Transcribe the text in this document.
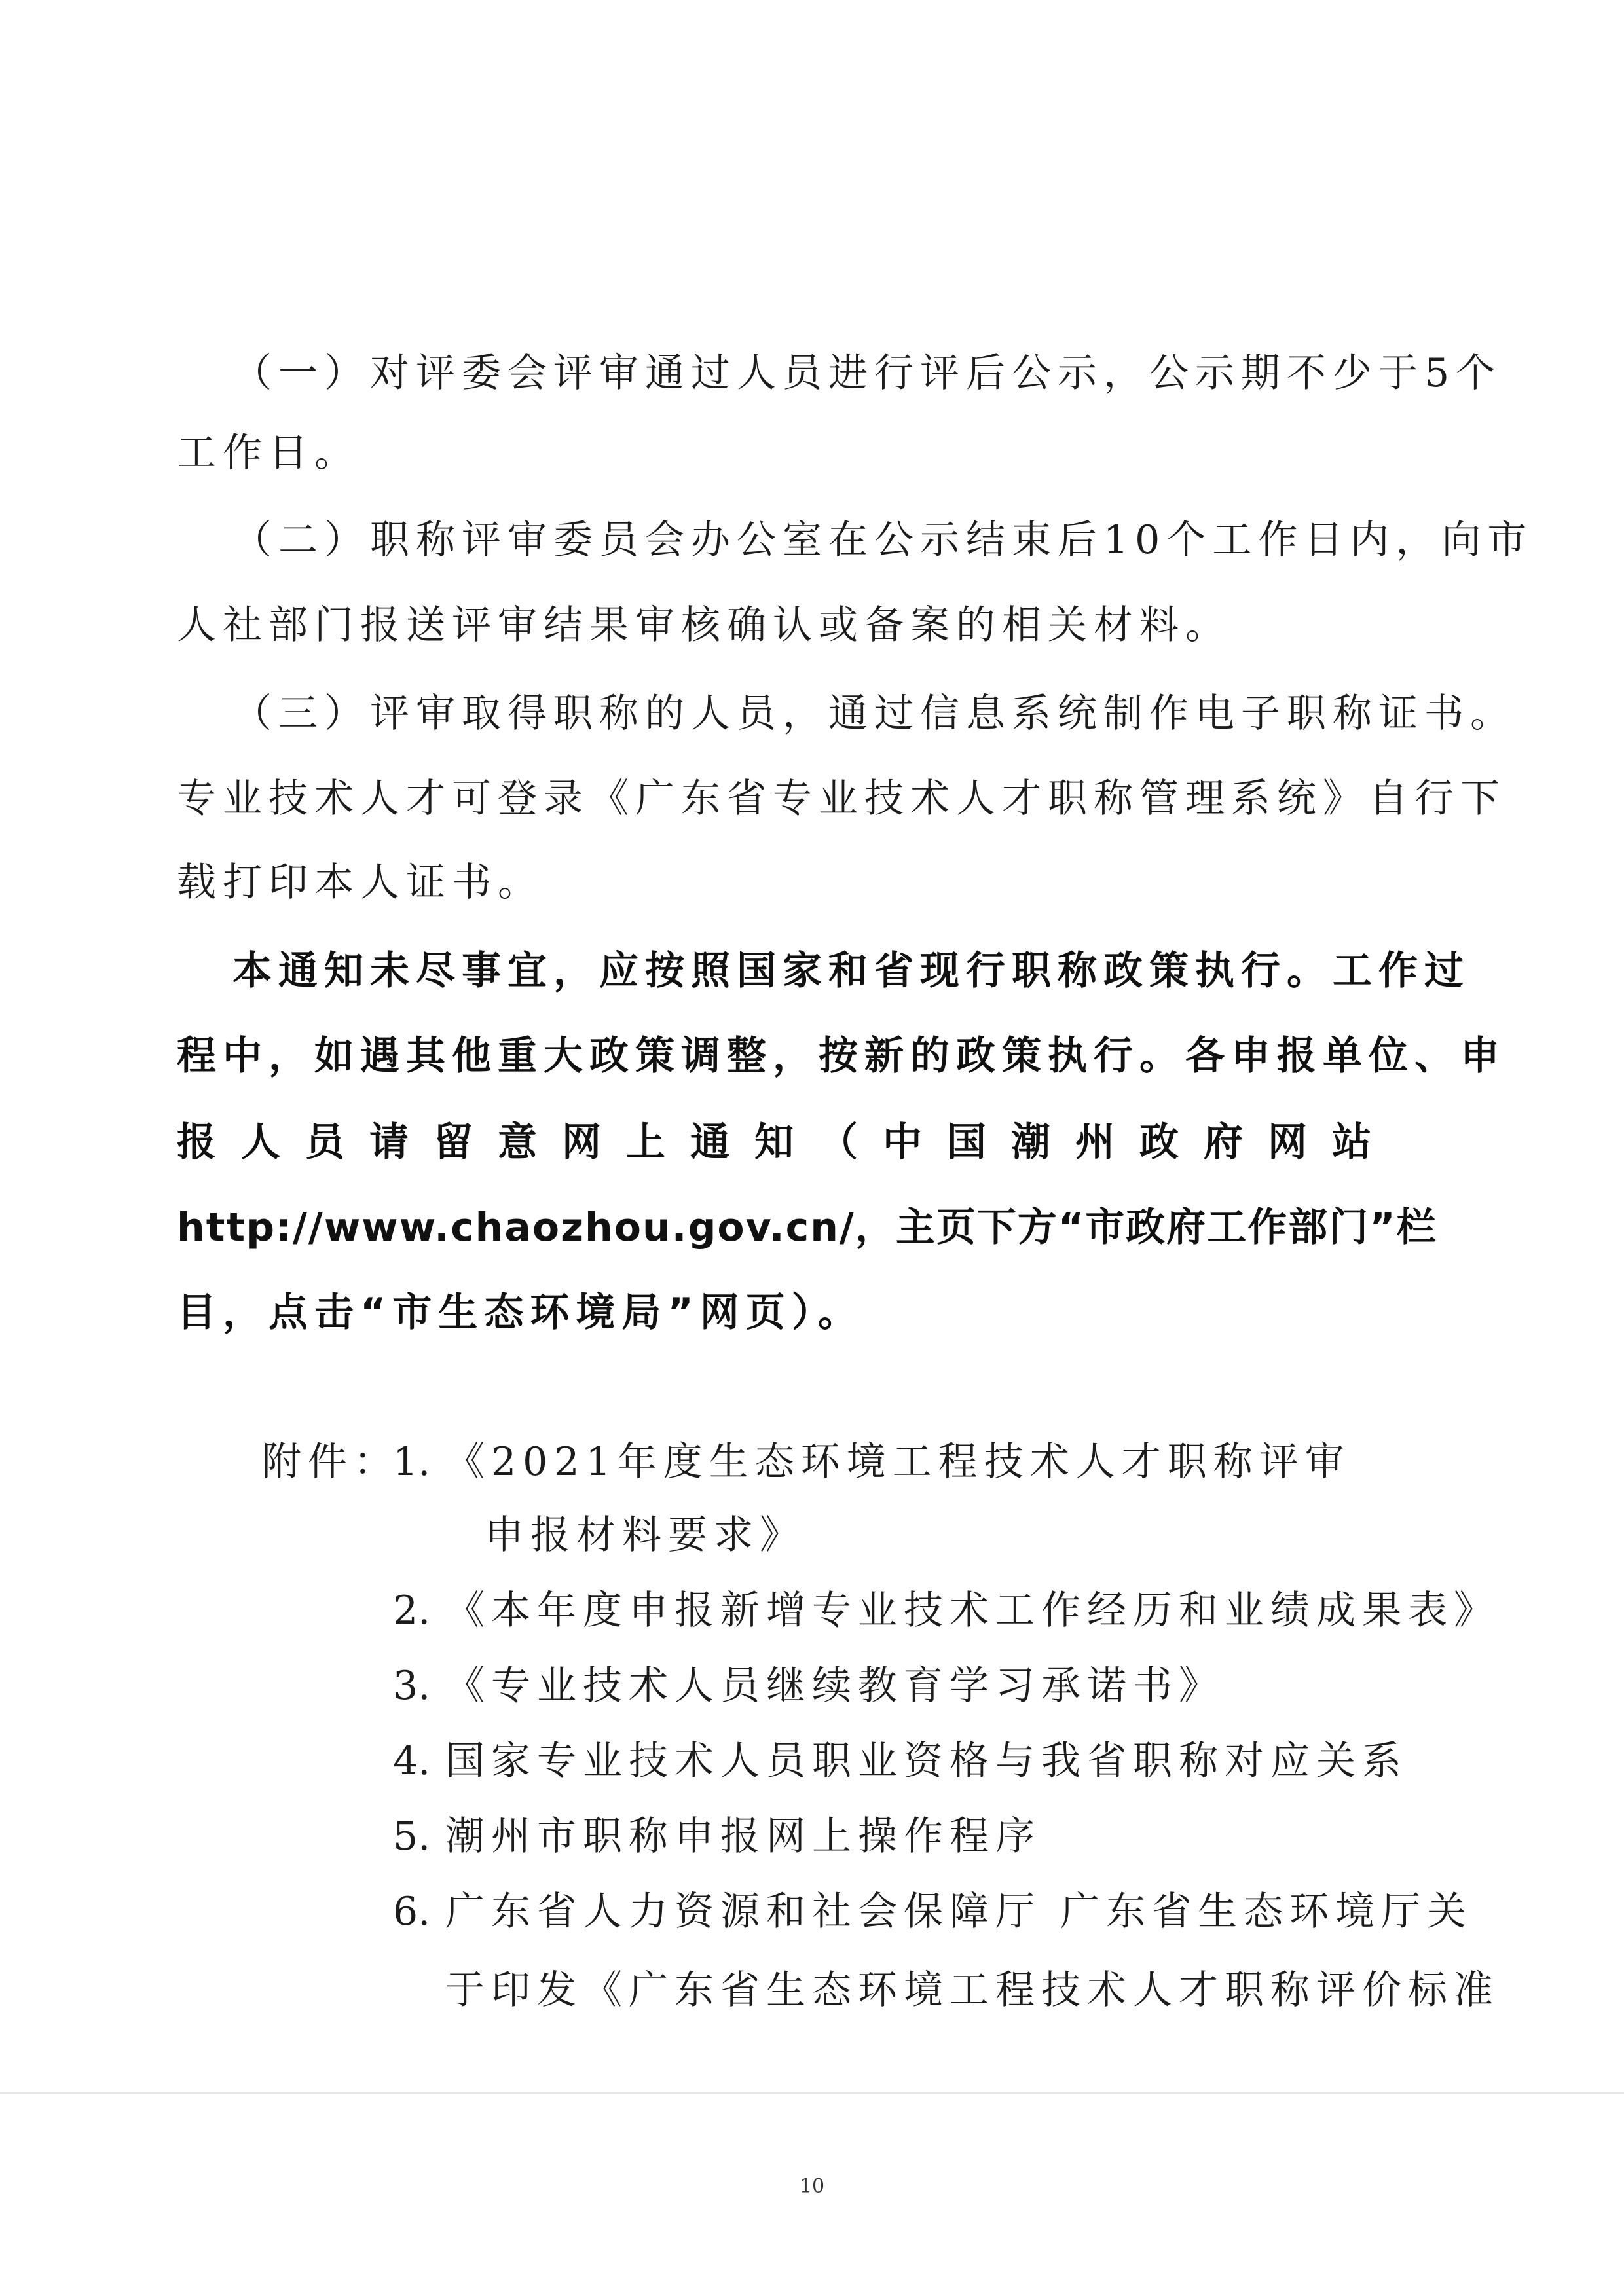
（一）对评委会评审通过人员进行评后公示，公示期不少于5个
工作日。
（二）职称评审委员会办公室在公示结束后10个工作日内，向市
人社部门报送评审结果审核确认或备案的相关材料。
（三）评审取得职称的人员，通过信息系统制作电子职称证书。
专业技术人才可登录《广东省专业技术人才职称管理系统》自行下
载打印本人证书。
本通知未尽事宜，应按照国家和省现行职称政策执行。工作过
程中，如遇其他重大政策调整，按新的政策执行。各申报单位、申
报人员请留意网上通知（中国潮州政府网站
http://www.chaozhou.gov.cn/，主页下方“市政府工作部门”栏
目，点击“市生态环境局”网页）。
附件：
1. 《2021年度生态环境工程技术人才职称评审
申报材料要求》
2. 《本年度申报新增专业技术工作经历和业绩成果表》
3. 《专业技术人员继续教育学习承诺书》
4. 国家专业技术人员职业资格与我省职称对应关系
5. 潮州市职称申报网上操作程序
6. 广东省人力资源和社会保障厅 广东省生态环境厅关
于印发《广东省生态环境工程技术人才职称评价标准
10
